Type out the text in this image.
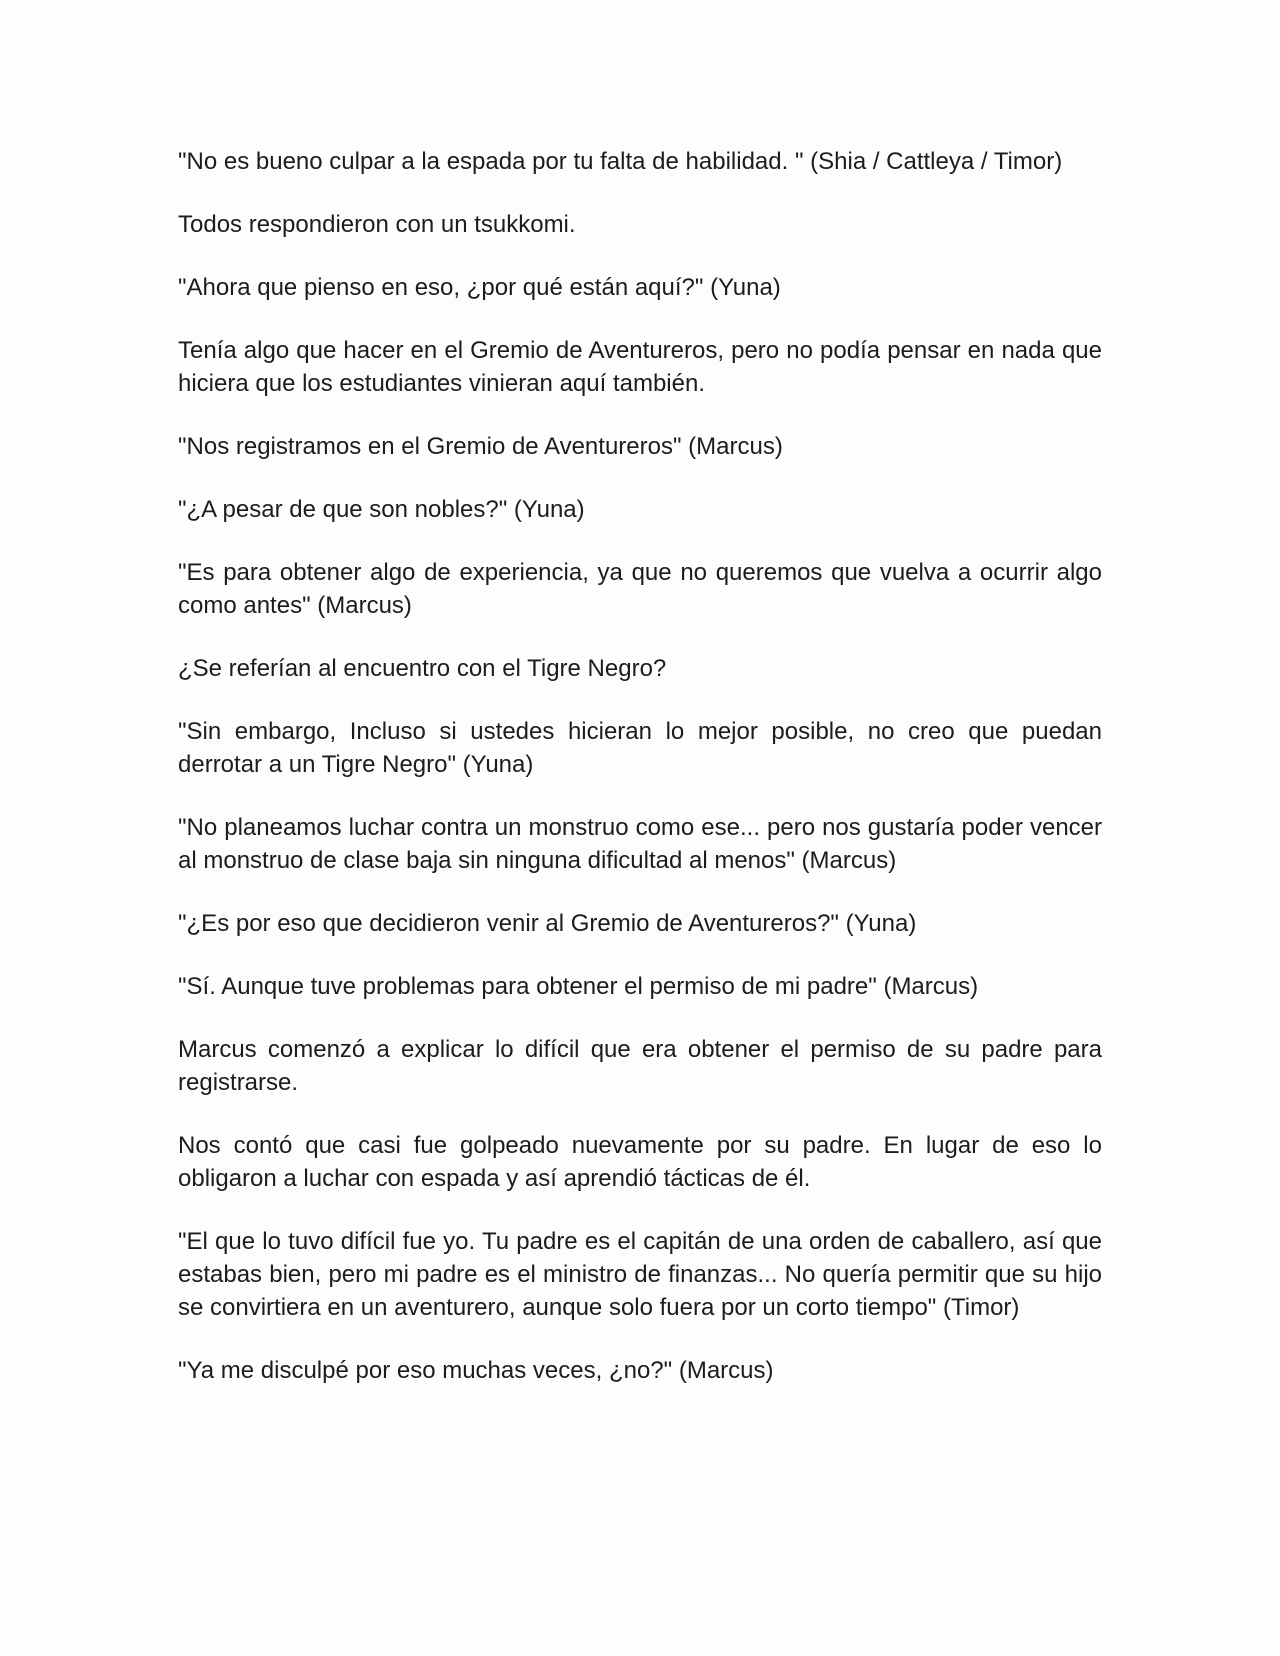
"No es bueno culpar a la espada por tu falta de habilidad. " (Shia / Cattleya / Timor)

Todos respondieron con un tsukkomi.

"Ahora que pienso en eso, ¿por qué están aquí?" (Yuna)

Tenía algo que hacer en el Gremio de Aventureros, pero no podía pensar en nada que hiciera que los estudiantes vinieran aquí también.

"Nos registramos en el Gremio de Aventureros" (Marcus)

"¿A pesar de que son nobles?" (Yuna)

"Es para obtener algo de experiencia, ya que no queremos que vuelva a ocurrir algo como antes" (Marcus)

¿Se referían al encuentro con el Tigre Negro?

"Sin embargo, Incluso si ustedes hicieran lo mejor posible, no creo que puedan derrotar a un Tigre Negro" (Yuna)

"No planeamos luchar contra un monstruo como ese... pero nos gustaría poder vencer al monstruo de clase baja sin ninguna dificultad al menos" (Marcus)

"¿Es por eso que decidieron venir al Gremio de Aventureros?" (Yuna)

"Sí. Aunque tuve problemas para obtener el permiso de mi padre" (Marcus)

Marcus comenzó a explicar lo difícil que era obtener el permiso de su padre para registrarse.

Nos contó que casi fue golpeado nuevamente por su padre. En lugar de eso lo obligaron a luchar con espada y así aprendió tácticas de él.

"El que lo tuvo difícil fue yo. Tu padre es el capitán de una orden de caballero, así que estabas bien, pero mi padre es el ministro de finanzas... No quería permitir que su hijo se convirtiera en un aventurero, aunque solo fuera por un corto tiempo" (Timor)

"Ya me disculpé por eso muchas veces, ¿no?" (Marcus)
